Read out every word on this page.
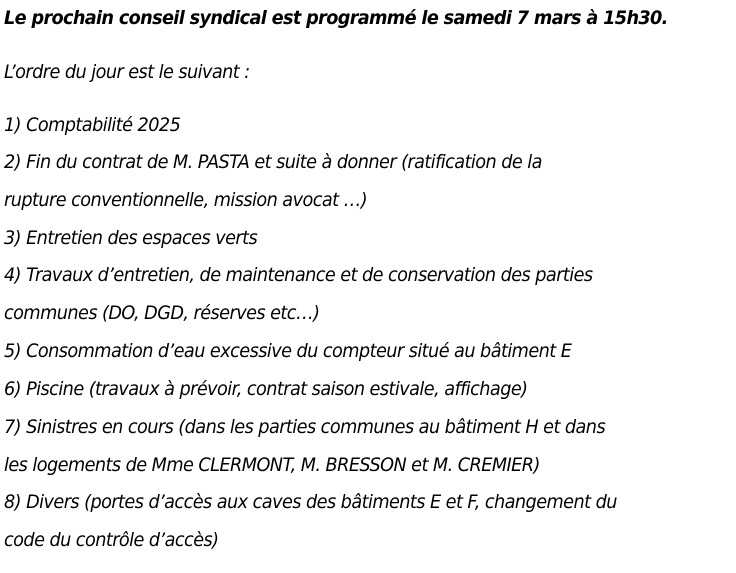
Le prochain conseil syndical est programmé le samedi 7 mars à 15h30.
L’ordre du jour est le suivant :
1) Comptabilité 2025
2) Fin du contrat de M. PASTA et suite à donner (ratification de la
rupture conventionnelle, mission avocat …)
3) Entretien des espaces verts
4) Travaux d’entretien, de maintenance et de conservation des parties
communes (DO, DGD, réserves etc…)
5) Consommation d’eau excessive du compteur situé au bâtiment E
6) Piscine (travaux à prévoir, contrat saison estivale, affichage)
7) Sinistres en cours (dans les parties communes au bâtiment H et dans
les logements de Mme CLERMONT, M. BRESSON et M. CREMIER)
8) Divers (portes d’accès aux caves des bâtiments E et F, changement du
code du contrôle d’accès)
